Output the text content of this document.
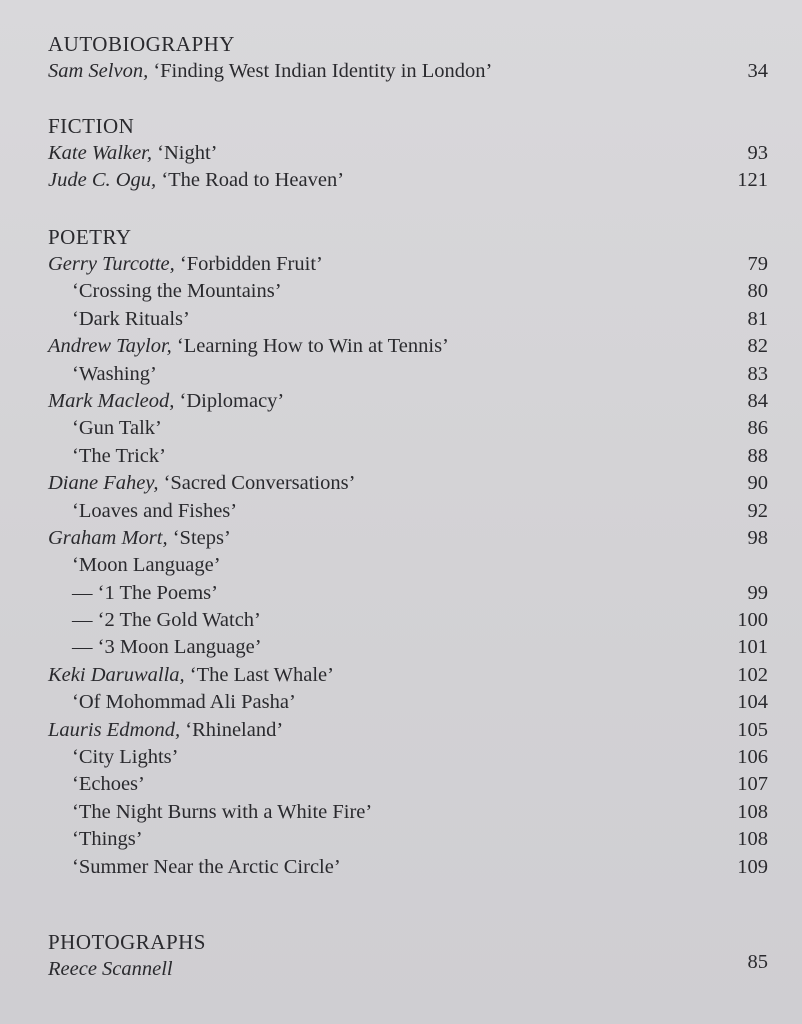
AUTOBIOGRAPHY
Sam Selvon, ‘Finding West Indian Identity in London’	34
FICTION
Kate Walker, ‘Night’	93
Jude C. Ogu, ‘The Road to Heaven’	121
POETRY
Gerry Turcotte, ‘Forbidden Fruit’	79
‘Crossing the Mountains’	80
‘Dark Rituals’	81
Andrew Taylor, ‘Learning How to Win at Tennis’	82
‘Washing’	83
Mark Macleod, ‘Diplomacy’	84
‘Gun Talk’	86
‘The Trick’	88
Diane Fahey, ‘Sacred Conversations’	90
‘Loaves and Fishes’	92
Graham Mort, ‘Steps’	98
‘Moon Language’
— ‘1 The Poems’	99
— ‘2 The Gold Watch’	100
— ‘3 Moon Language’	101
Keki Daruwalla, ‘The Last Whale’	102
‘Of Mohommad Ali Pasha’	104
Lauris Edmond, ‘Rhineland’	105
‘City Lights’	106
‘Echoes’	107
‘The Night Burns with a White Fire’	108
‘Things’	108
‘Summer Near the Arctic Circle’	109
PHOTOGRAPHS
Reece Scannell	85
